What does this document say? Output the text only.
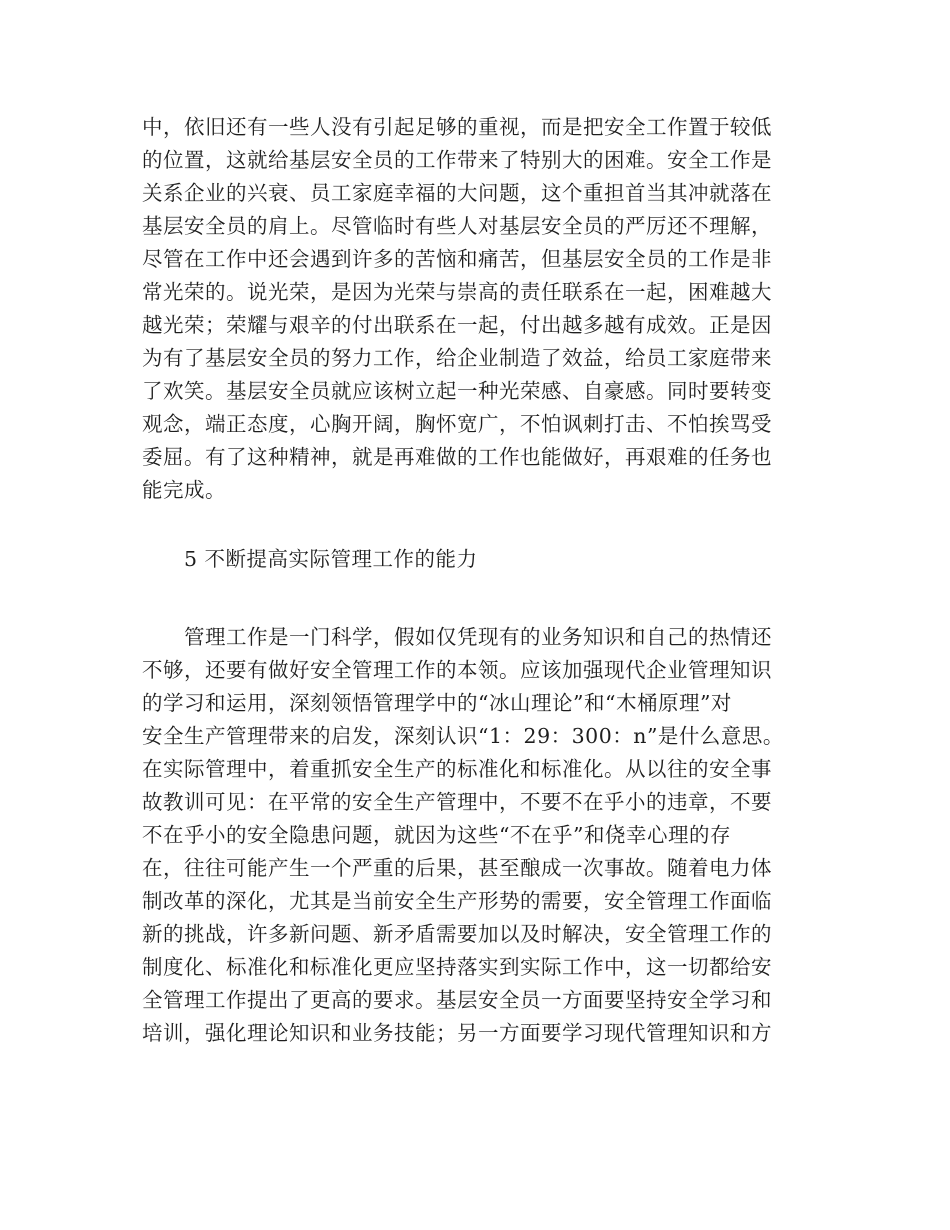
中，依旧还有一些人没有引起足够的重视，而是把安全工作置于较低
的位置，这就给基层安全员的工作带来了特别大的困难。安全工作是
关系企业的兴衰、员工家庭幸福的大问题，这个重担首当其冲就落在
基层安全员的肩上。尽管临时有些人对基层安全员的严厉还不理解，
尽管在工作中还会遇到许多的苦恼和痛苦，但基层安全员的工作是非
常光荣的。说光荣，是因为光荣与崇高的责任联系在一起，困难越大
越光荣；荣耀与艰辛的付出联系在一起，付出越多越有成效。正是因
为有了基层安全员的努力工作，给企业制造了效益，给员工家庭带来
了欢笑。基层安全员就应该树立起一种光荣感、自豪感。同时要转变
观念，端正态度，心胸开阔，胸怀宽广，不怕讽刺打击、不怕挨骂受
委屈。有了这种精神，就是再难做的工作也能做好，再艰难的任务也
能完成。
5 不断提高实际管理工作的能力
管理工作是一门科学，假如仅凭现有的业务知识和自己的热情还
不够，还要有做好安全管理工作的本领。应该加强现代企业管理知识
的学习和运用，深刻领悟管理学中的“冰山理论”和“木桶原理”对
安全生产管理带来的启发，深刻认识“1：29：300：n”是什么意思。
在实际管理中，着重抓安全生产的标准化和标准化。从以往的安全事
故教训可见：在平常的安全生产管理中，不要不在乎小的违章，不要
不在乎小的安全隐患问题，就因为这些“不在乎”和侥幸心理的存
在，往往可能产生一个严重的后果，甚至酿成一次事故。随着电力体
制改革的深化，尤其是当前安全生产形势的需要，安全管理工作面临
新的挑战，许多新问题、新矛盾需要加以及时解决，安全管理工作的
制度化、标准化和标准化更应坚持落实到实际工作中，这一切都给安
全管理工作提出了更高的要求。基层安全员一方面要坚持安全学习和
培训，强化理论知识和业务技能；另一方面要学习现代管理知识和方
